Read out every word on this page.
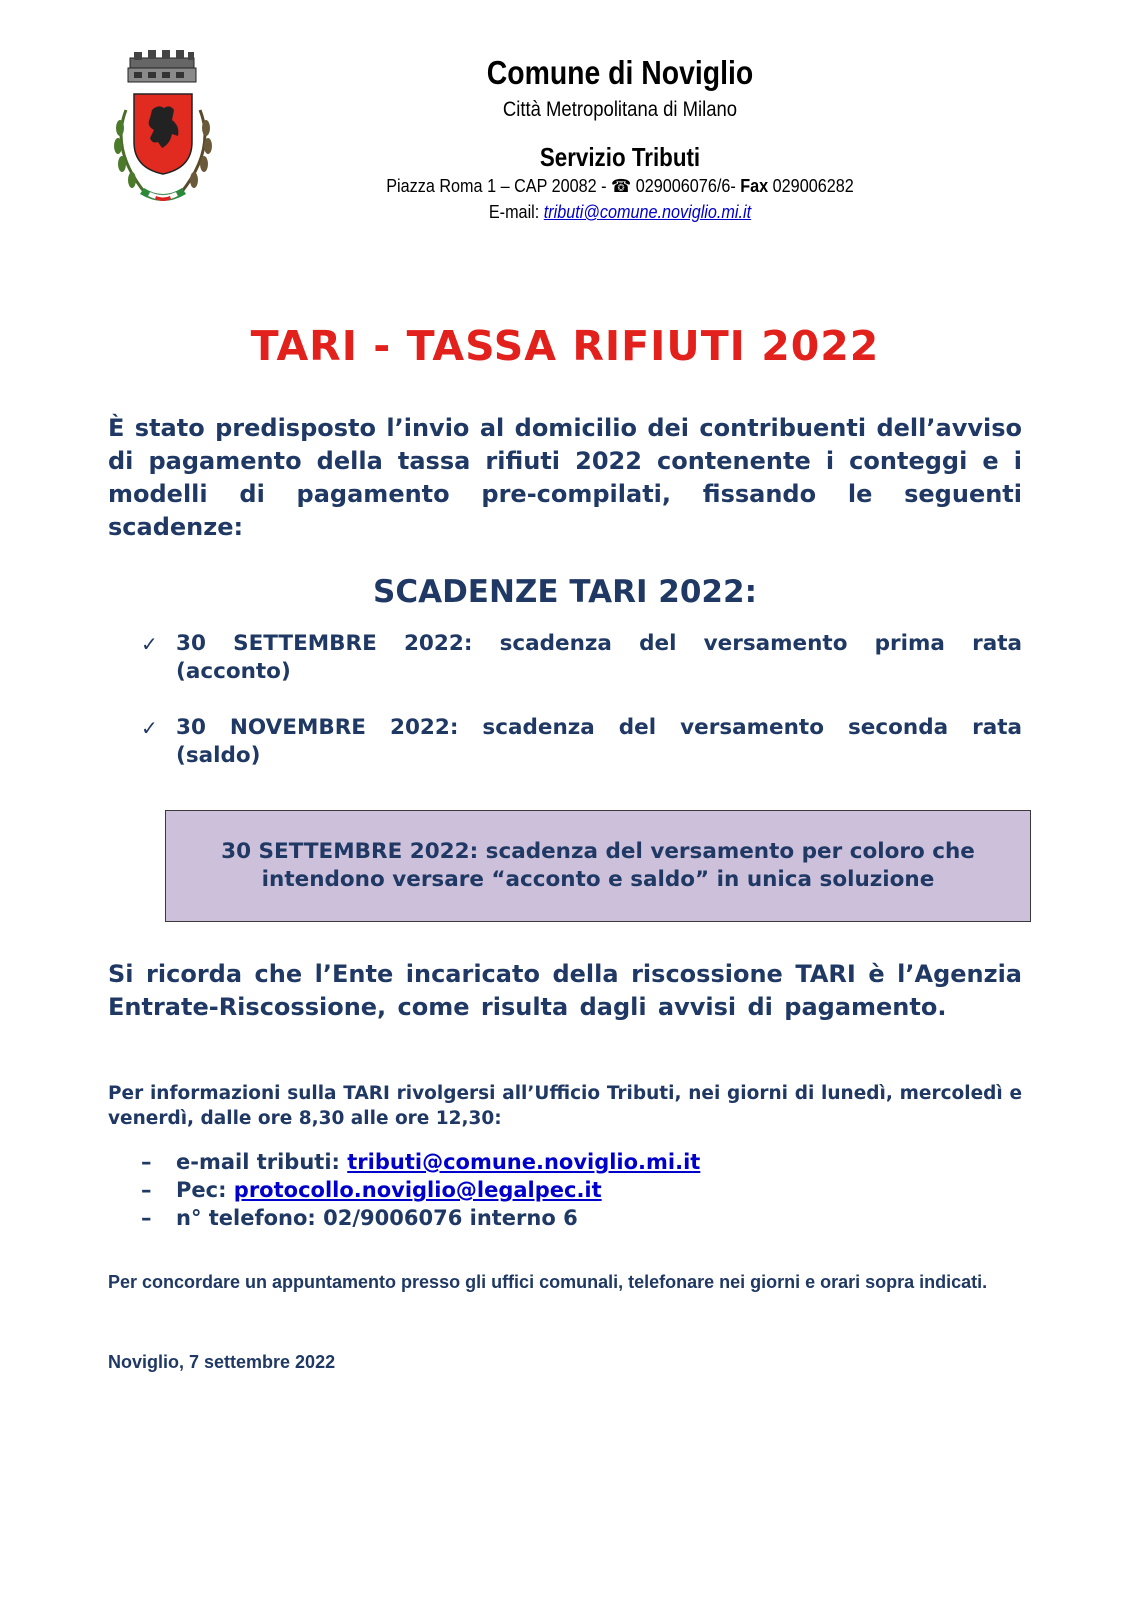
Comune di Noviglio
Città Metropolitana di Milano
Servizio Tributi
Piazza Roma 1 – CAP 20082 - ☎ 029006076/6- Fax 029006282
E-mail: tributi@comune.noviglio.mi.it
TARI - TASSA RIFIUTI 2022
È stato predisposto l’invio al domicilio dei contribuenti dell’avviso di pagamento della tassa rifiuti 2022 contenente i conteggi e i modelli di pagamento pre-compilati, fissando le seguenti scadenze:
SCADENZE TARI 2022:
✓ 30 SETTEMBRE 2022: scadenza del versamento prima rata (acconto)
✓ 30 NOVEMBRE 2022: scadenza del versamento seconda rata (saldo)
30 SETTEMBRE 2022: scadenza del versamento per coloro che intendono versare “acconto e saldo” in unica soluzione
Si ricorda che l’Ente incaricato della riscossione TARI è l’Agenzia Entrate-Riscossione, come risulta dagli avvisi di pagamento.
Per informazioni sulla TARI rivolgersi all’Ufficio Tributi, nei giorni di lunedì, mercoledì e venerdì, dalle ore 8,30 alle ore 12,30:
– e-mail tributi: tributi@comune.noviglio.mi.it
– Pec: protocollo.noviglio@legalpec.it
– n° telefono: 02/9006076 interno 6
Per concordare un appuntamento presso gli uffici comunali, telefonare nei giorni e orari sopra indicati.
Noviglio, 7 settembre 2022
